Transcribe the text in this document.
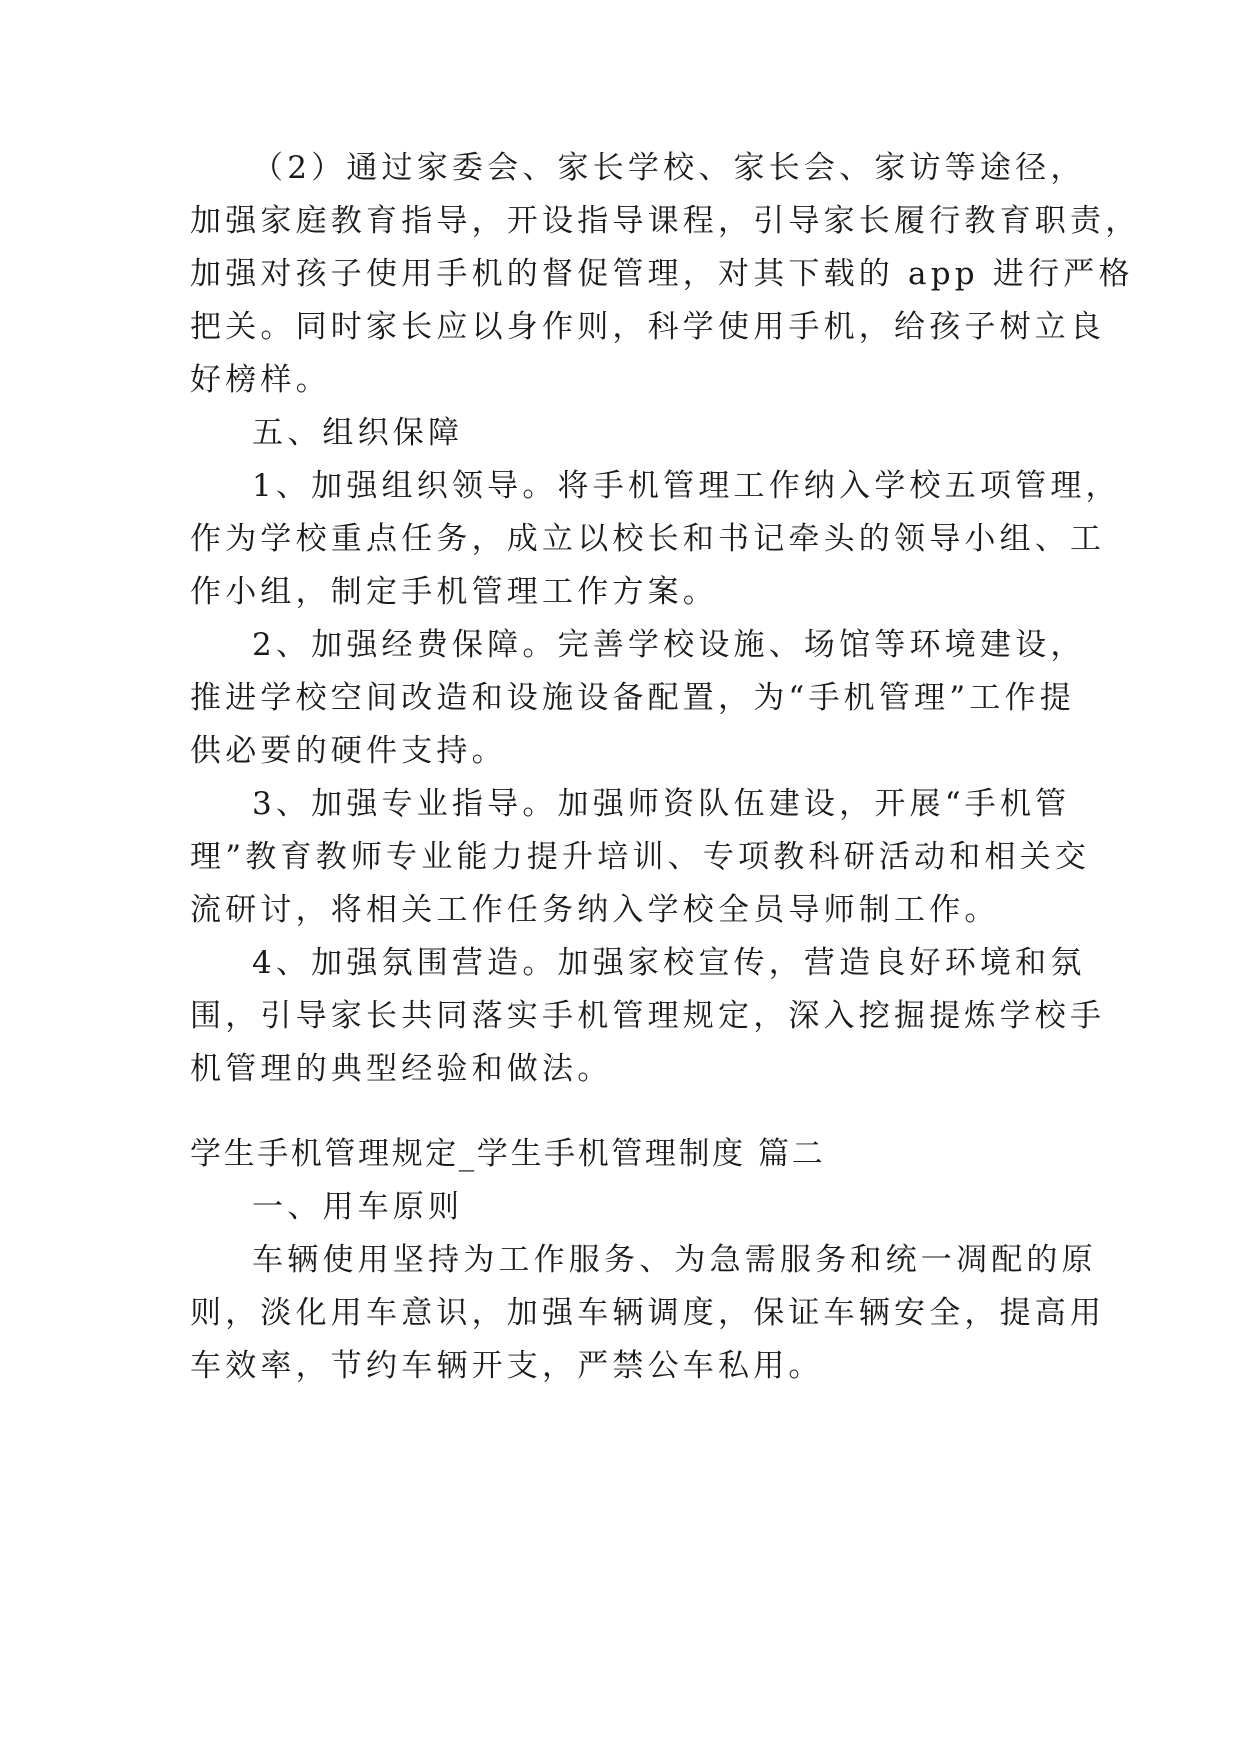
（2）通过家委会、家长学校、家长会、家访等途径，
加强家庭教育指导，开设指导课程，引导家长履行教育职责，
加强对孩子使用手机的督促管理，对其下载的 app 进行严格
把关。同时家长应以身作则，科学使用手机，给孩子树立良
好榜样。
五、组织保障
1、加强组织领导。将手机管理工作纳入学校五项管理，
作为学校重点任务，成立以校长和书记牵头的领导小组、工
作小组，制定手机管理工作方案。
2、加强经费保障。完善学校设施、场馆等环境建设，
推进学校空间改造和设施设备配置，为“手机管理”工作提
供必要的硬件支持。
3、加强专业指导。加强师资队伍建设，开展“手机管
理”教育教师专业能力提升培训、专项教科研活动和相关交
流研讨，将相关工作任务纳入学校全员导师制工作。
4、加强氛围营造。加强家校宣传，营造良好环境和氛
围，引导家长共同落实手机管理规定，深入挖掘提炼学校手
机管理的典型经验和做法。
学生手机管理规定_学生手机管理制度 篇二
一、用车原则
车辆使用坚持为工作服务、为急需服务和统一凋配的原
则，淡化用车意识，加强车辆调度，保证车辆安全，提高用
车效率，节约车辆开支，严禁公车私用。
